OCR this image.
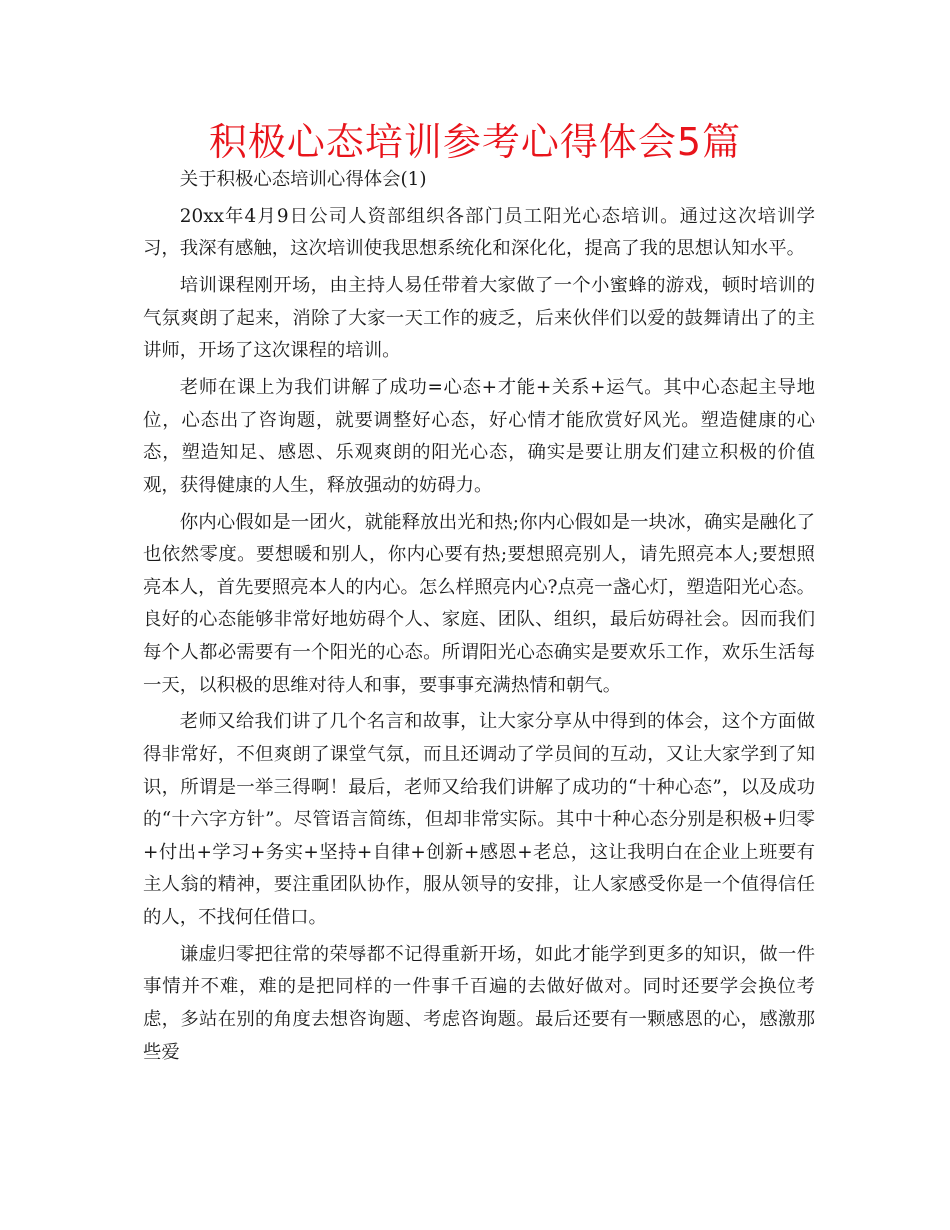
积极心态培训参考心得体会5篇

关于积极心态培训心得体会(1)

20xx年4月9日公司人资部组织各部门员工阳光心态培训。通过这次培训学习，我深有感触，这次培训使我思想系统化和深化化，提高了我的思想认知水平。

培训课程刚开场，由主持人易任带着大家做了一个小蜜蜂的游戏，顿时培训的气氛爽朗了起来，消除了大家一天工作的疲乏，后来伙伴们以爱的鼓舞请出了的主讲师，开场了这次课程的培训。

老师在课上为我们讲解了成功=心态+才能+关系+运气。其中心态起主导地位，心态出了咨询题，就要调整好心态，好心情才能欣赏好风光。塑造健康的心态，塑造知足、感恩、乐观爽朗的阳光心态，确实是要让朋友们建立积极的价值观，获得健康的人生，释放强动的妨碍力。

你内心假如是一团火，就能释放出光和热;你内心假如是一块冰，确实是融化了也依然零度。要想暖和别人，你内心要有热;要想照亮别人，请先照亮本人;要想照亮本人，首先要照亮本人的内心。怎么样照亮内心?点亮一盏心灯，塑造阳光心态。良好的心态能够非常好地妨碍个人、家庭、团队、组织，最后妨碍社会。因而我们每个人都必需要有一个阳光的心态。所谓阳光心态确实是要欢乐工作，欢乐生活每一天，以积极的思维对待人和事，要事事充满热情和朝气。

老师又给我们讲了几个名言和故事，让大家分享从中得到的体会，这个方面做得非常好，不但爽朗了课堂气氛，而且还调动了学员间的互动，又让大家学到了知识，所谓是一举三得啊！最后，老师又给我们讲解了成功的“十种心态”，以及成功的“十六字方针”。尽管语言简练，但却非常实际。其中十种心态分别是积极+归零+付出+学习+务实+坚持+自律+创新+感恩+老总，这让我明白在企业上班要有主人翁的精神，要注重团队协作，服从领导的安排，让人家感受你是一个值得信任的人，不找何任借口。

谦虚归零把往常的荣辱都不记得重新开场，如此才能学到更多的知识，做一件事情并不难，难的是把同样的一件事千百遍的去做好做对。同时还要学会换位考虑，多站在别的角度去想咨询题、考虑咨询题。最后还要有一颗感恩的心，感激那些爱
